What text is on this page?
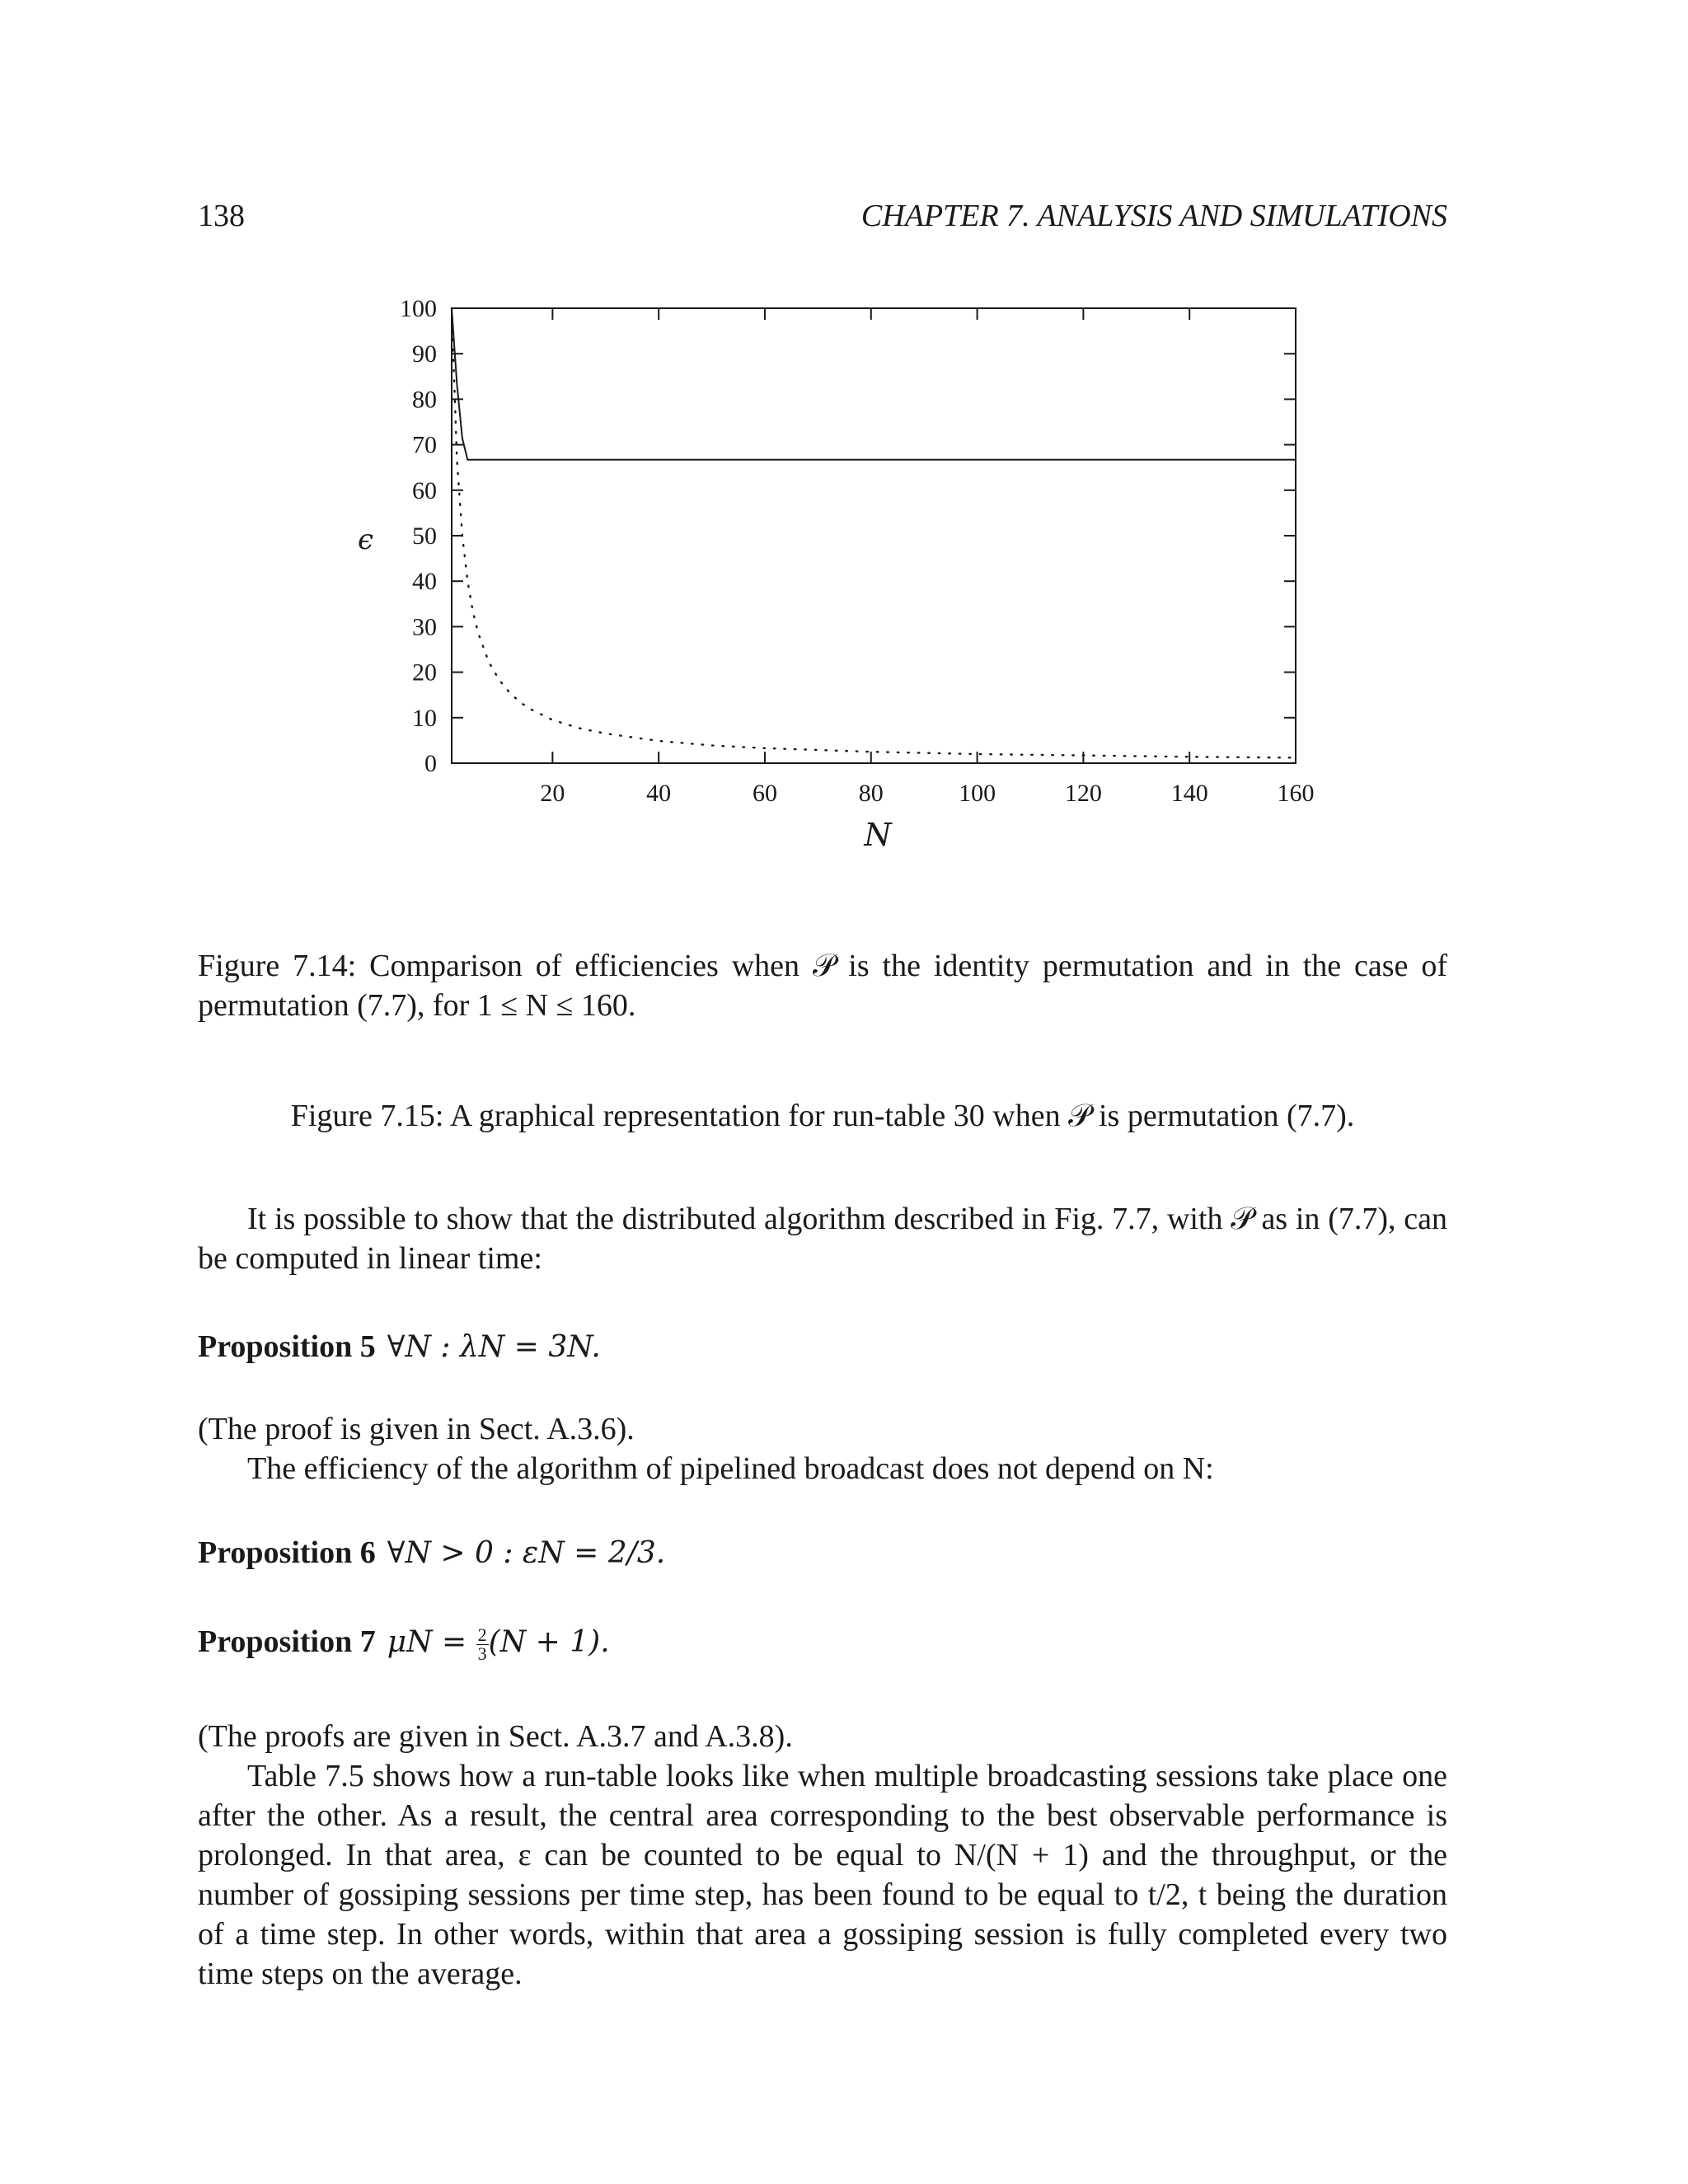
138	CHAPTER 7. ANALYSIS AND SIMULATIONS
20	40	60	80	100	120	140	160
0
10
20
30
40
50
60
70
80
90
100
ϵ
N
Figure 7.14: Comparison of efficiencies when 𝒫 is the identity permutation and in the case of permutation (7.7), for 1 ≤ N ≤ 160.
Figure 7.15: A graphical representation for run-table 30 when 𝒫 is permutation (7.7).
It is possible to show that the distributed algorithm described in Fig. 7.7, with 𝒫 as in (7.7), can be computed in linear time:
Proposition 5 ∀N : λN = 3N.
(The proof is given in Sect. A.3.6).
The efficiency of the algorithm of pipelined broadcast does not depend on N:
Proposition 6 ∀N > 0 : εN = 2/3.
Proposition 7 $\mu N = \frac{2}{3} (N + 1)$.
(The proofs are given in Sect. A.3.7 and A.3.8).
Table 7.5 shows how a run-table looks like when multiple broadcasting sessions take place one after the other. As a result, the central area corresponding to the best observable performance is prolonged. In that area, ε can be counted to be equal to N/(N + 1) and the throughput, or the number of gossiping sessions per time step, has been found to be equal to t/2, t being the duration of a time step. In other words, within that area a gossiping session is fully completed every two time steps on the average.
